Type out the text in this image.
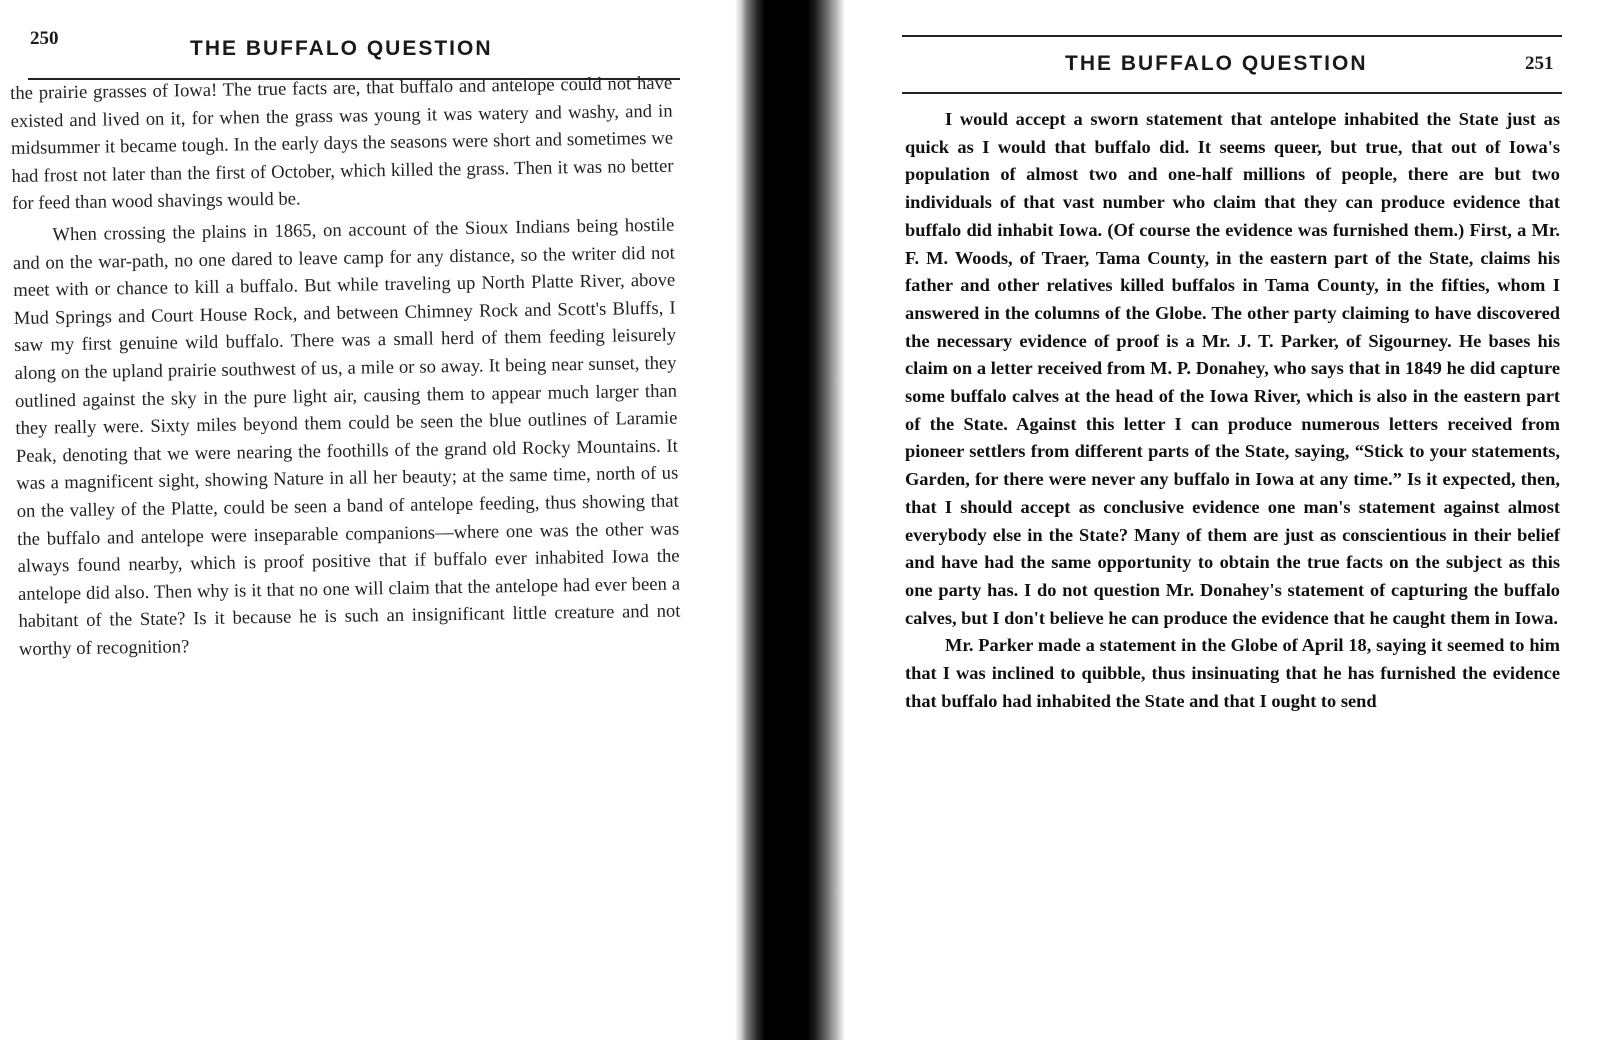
250	THE BUFFALO QUESTION

the prairie grasses of Iowa! The true facts are, that buffalo and antelope could not have existed and lived on it, for when the grass was young it was watery and washy, and in midsummer it became tough. In the early days the seasons were short and sometimes we had frost not later than the first of October, which killed the grass. Then it was no better for feed than wood shavings would be.

When crossing the plains in 1865, on account of the Sioux Indians being hostile and on the war-path, no one dared to leave camp for any distance, so the writer did not meet with or chance to kill a buffalo. But while traveling up North Platte River, above Mud Springs and Court House Rock, and between Chimney Rock and Scott's Bluffs, I saw my first genuine wild buffalo. There was a small herd of them feeding leisurely along on the upland prairie southwest of us, a mile or so away. It being near sunset, they outlined against the sky in the pure light air, causing them to appear much larger than they really were. Sixty miles beyond them could be seen the blue outlines of Laramie Peak, denoting that we were nearing the foothills of the grand old Rocky Mountains. It was a magnificent sight, showing Nature in all her beauty; at the same time, north of us on the valley of the Platte, could be seen a band of antelope feeding, thus showing that the buffalo and antelope were inseparable companions—where one was the other was always found nearby, which is proof positive that if buffalo ever inhabited Iowa the antelope did also. Then why is it that no one will claim that the antelope had ever been a habitant of the State? Is it because he is such an insignificant little creature and not worthy of recognition?

THE BUFFALO QUESTION	251

I would accept a sworn statement that antelope inhabited the State just as quick as I would that buffalo did. It seems queer, but true, that out of Iowa's population of almost two and one-half millions of people, there are but two individuals of that vast number who claim that they can produce evidence that buffalo did inhabit Iowa. (Of course the evidence was furnished them.) First, a Mr. F. M. Woods, of Traer, Tama County, in the eastern part of the State, claims his father and other relatives killed buffalos in Tama County, in the fifties, whom I answered in the columns of the Globe. The other party claiming to have discovered the necessary evidence of proof is a Mr. J. T. Parker, of Sigourney. He bases his claim on a letter received from M. P. Donahey, who says that in 1849 he did capture some buffalo calves at the head of the Iowa River, which is also in the eastern part of the State. Against this letter I can produce numerous letters received from pioneer settlers from different parts of the State, saying, “Stick to your statements, Garden, for there were never any buffalo in Iowa at any time.” Is it expected, then, that I should accept as conclusive evidence one man's statement against almost everybody else in the State? Many of them are just as conscientious in their belief and have had the same opportunity to obtain the true facts on the subject as this one party has. I do not question Mr. Donahey's statement of capturing the buffalo calves, but I don't believe he can produce the evidence that he caught them in Iowa.

Mr. Parker made a statement in the Globe of April 18, saying it seemed to him that I was inclined to quibble, thus insinuating that he has furnished the evidence that buffalo had inhabited the State and that I ought to send
